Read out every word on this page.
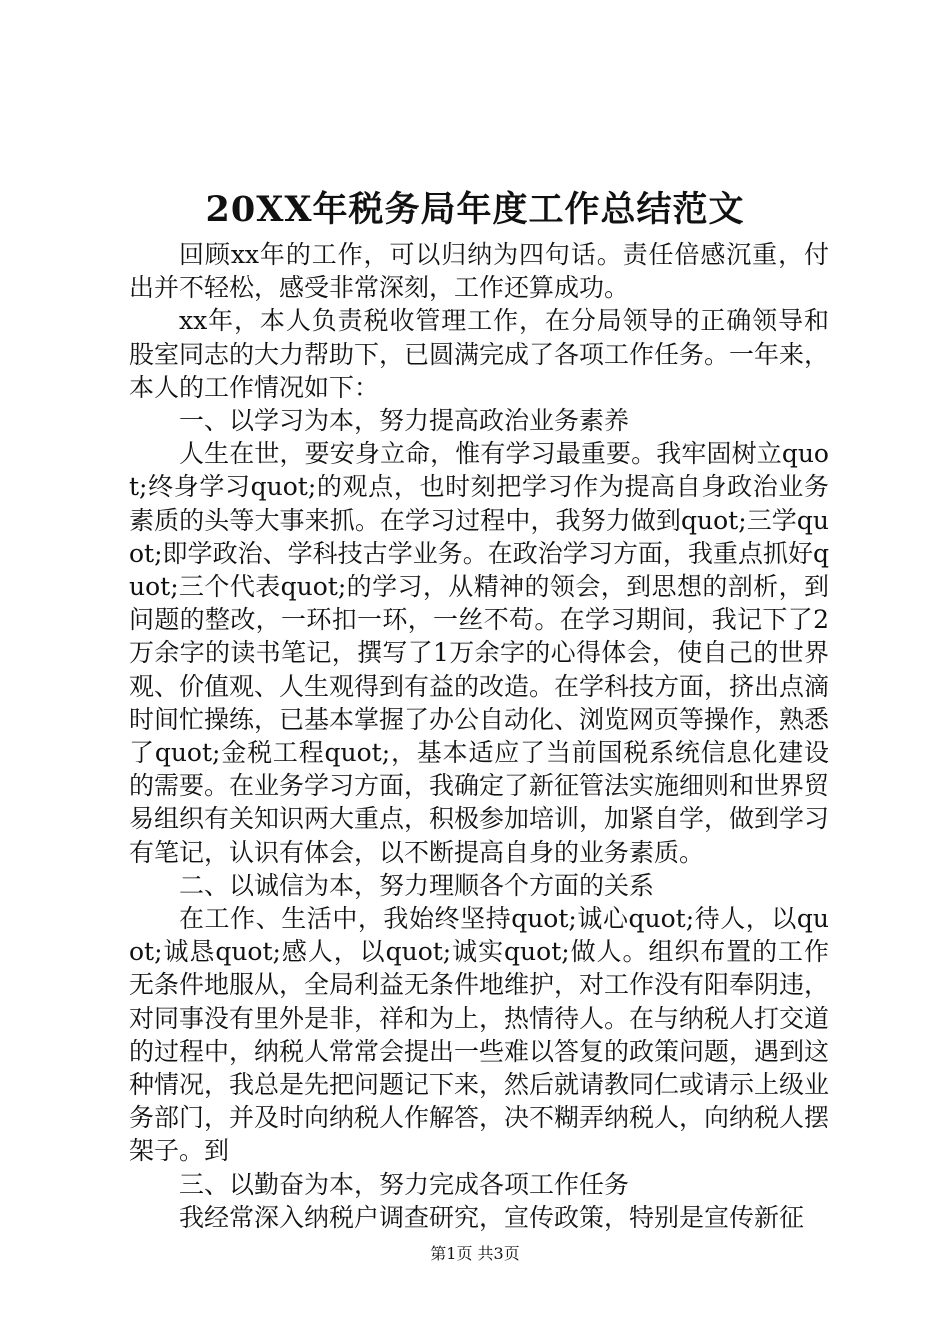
20XX年税务局年度工作总结范文

回顾xx年的工作，可以归纳为四句话。责任倍感沉重，付出并不轻松，感受非常深刻，工作还算成功。

xx年，本人负责税收管理工作，在分局领导的正确领导和股室同志的大力帮助下，已圆满完成了各项工作任务。一年来，本人的工作情况如下：

一、以学习为本，努力提高政治业务素养

人生在世，要安身立命，惟有学习最重要。我牢固树立quot;终身学习quot;的观点，也时刻把学习作为提高自身政治业务素质的头等大事来抓。在学习过程中，我努力做到quot;三学quot;即学政治、学科技古学业务。在政治学习方面，我重点抓好quot;三个代表quot;的学习，从精神的领会，到思想的剖析，到问题的整改，一环扣一环，一丝不苟。在学习期间，我记下了2万余字的读书笔记，撰写了1万余字的心得体会，使自己的世界观、价值观、人生观得到有益的改造。在学科技方面，挤出点滴时间忙操练，已基本掌握了办公自动化、浏览网页等操作，熟悉了quot;金税工程quot;，基本适应了当前国税系统信息化建设的需要。在业务学习方面，我确定了新征管法实施细则和世界贸易组织有关知识两大重点，积极参加培训，加紧自学，做到学习有笔记，认识有体会，以不断提高自身的业务素质。

二、以诚信为本，努力理顺各个方面的关系

在工作、生活中，我始终坚持quot;诚心quot;待人，以quot;诚恳quot;感人，以quot;诚实quot;做人。组织布置的工作无条件地服从，全局利益无条件地维护，对工作没有阳奉阴违，对同事没有里外是非，祥和为上，热情待人。在与纳税人打交道的过程中，纳税人常常会提出一些难以答复的政策问题，遇到这种情况，我总是先把问题记下来，然后就请教同仁或请示上级业务部门，并及时向纳税人作解答，决不糊弄纳税人，向纳税人摆架子。到

三、以勤奋为本，努力完成各项工作任务

我经常深入纳税户调查研究，宣传政策，特别是宣传新征

第1页 共3页
